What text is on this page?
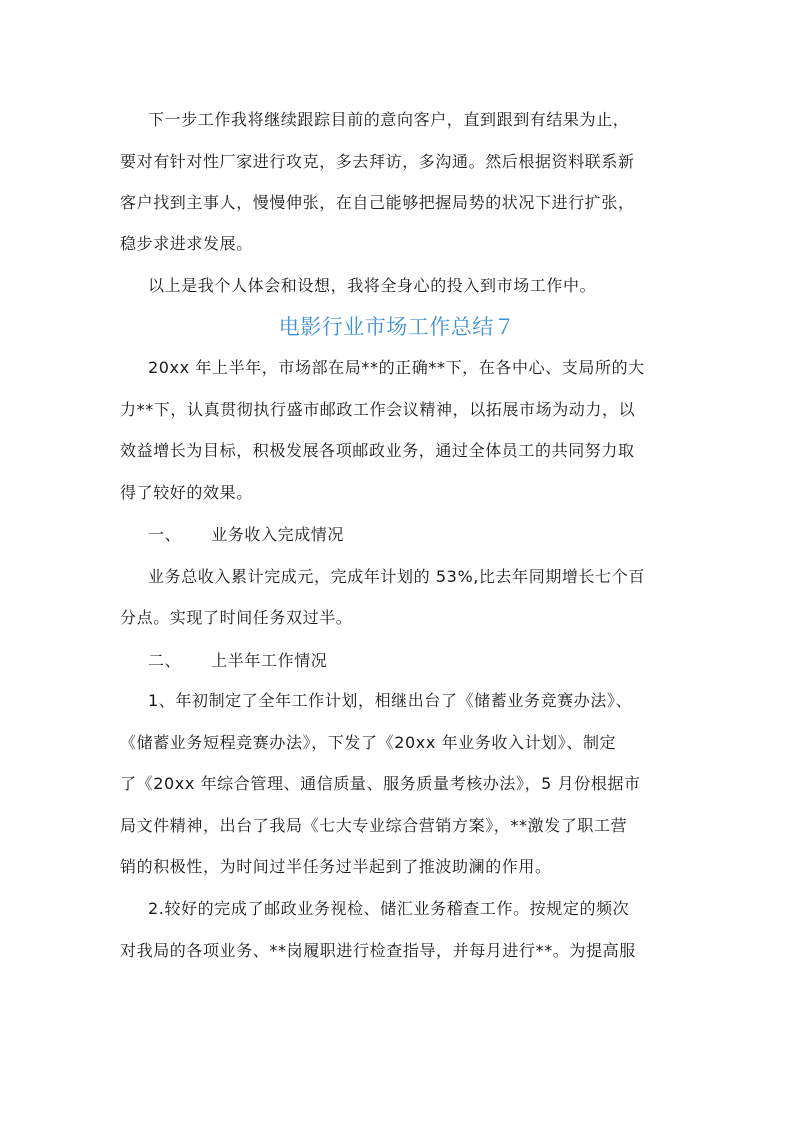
下一步工作我将继续跟踪目前的意向客户，直到跟到有结果为止，
要对有针对性厂家进行攻克，多去拜访，多沟通。然后根据资料联系新
客户找到主事人，慢慢伸张，在自己能够把握局势的状况下进行扩张，
稳步求进求发展。
以上是我个人体会和设想，我将全身心的投入到市场工作中。
电影行业市场工作总结７
20xx 年上半年，市场部在局**的正确**下，在各中心、支局所的大
力**下，认真贯彻执行盛市邮政工作会议精神，以拓展市场为动力，以
效益增长为目标，积极发展各项邮政业务，通过全体员工的共同努力取
得了较好的效果。
一、 业务收入完成情况
业务总收入累计完成元，完成年计划的 53%,比去年同期增长七个百
分点。实现了时间任务双过半。
二、 上半年工作情况
1、年初制定了全年工作计划，相继出台了《储蓄业务竞赛办法》、
《储蓄业务短程竞赛办法》，下发了《20xx 年业务收入计划》、制定
了《20xx 年综合管理、通信质量、服务质量考核办法》，5 月份根据市
局文件精神，出台了我局《七大专业综合营销方案》，**激发了职工营
销的积极性，为时间过半任务过半起到了推波助澜的作用。
2.较好的完成了邮政业务视检、储汇业务稽查工作。按规定的频次
对我局的各项业务、**岗履职进行检查指导，并每月进行**。为提高服
